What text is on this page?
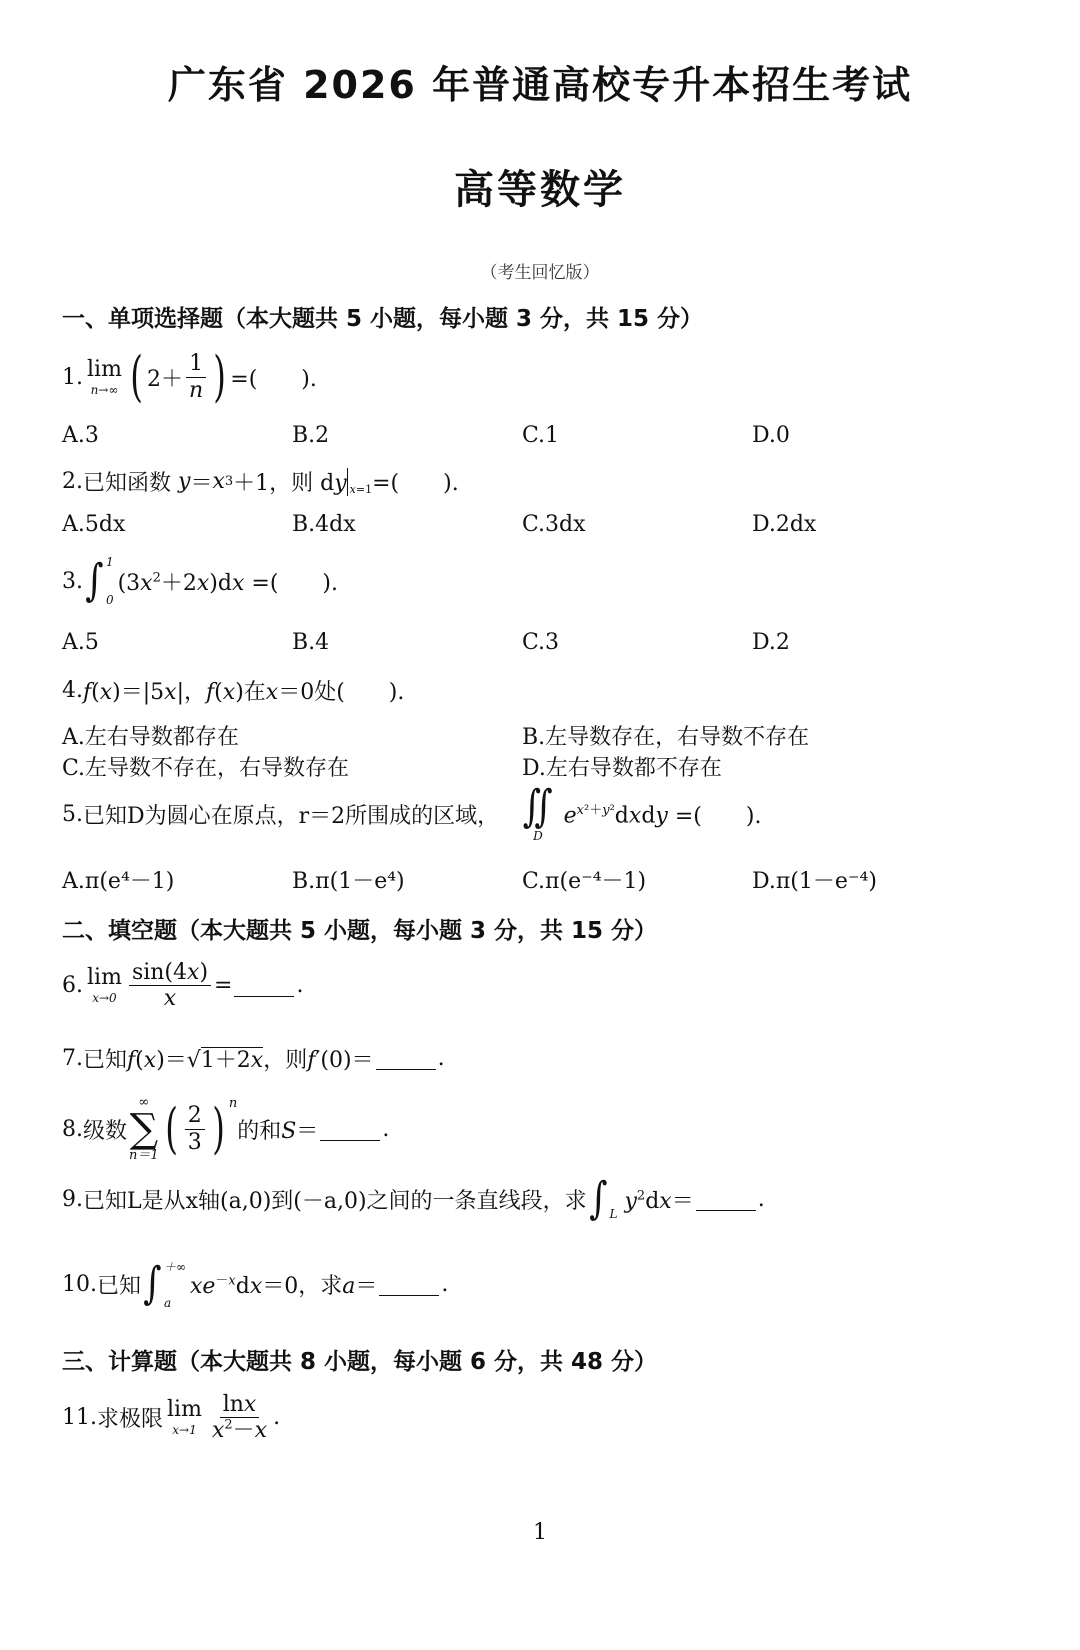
广东省 2026 年普通高校专升本招生考试
高等数学
（考生回忆版）
一、单项选择题（本大题共 5 小题，每小题 3 分，共 15 分）
1. lim
n→∞ ( $2+ \frac{1}{n}$ ) =(　　).
A.3	B.2	C.1	D.0
2. 已知函数 y ＝ x 3 ＋1，则 dy x =1 =(　　).
A.5dx	B.4dx	C.3dx	D.2dx
3. ∫ 1
0
$(3x^2+2x)dx$ =(　　).
A.5	B.4	C.3	D.2
4. f(x)＝|5x|，f(x)在x＝0 处(　　).
A.左右导数都存在	B.左导数存在，右导数不存在
C.左导数不存在，右导数存在	D.左右导数都不存在
5. 已知D为圆心在原点，r＝2所围成的区域， ∬
D
$e^{x^2+y^2}dxdy$ =(　　).
A.π(e⁴－1)	B.π(1－e⁴)	C.π(e⁻⁴－1)	D.π(1－e⁻⁴)
二、填空题（本大题共 5 小题，每小题 3 分，共 15 分）
6. lim
$x\to 0 \frac{\sin(4x)}{x}$ =	.
7. 已知 f(x)＝√1＋2x ，则 f′(0)＝	.
8. 级数
∞
∑
n＝1 ( $\frac{2}{3}$ ) $^n$
的和 S＝	.
9. 已知L是从x轴(a,0)到(－a,0)之间的一条直线段，求 ∫ L
$y^2dx=$	.
10. 已知 ∫ ＋∞
a
$xe^{-x}dx=0$ ，求 a＝	.
三、计算题（本大题共 8 小题，每小题 6 分，共 48 分）
11. 求极限 lim
$x\to 1 \frac{\ln x}{x^2-x}$ .
1
